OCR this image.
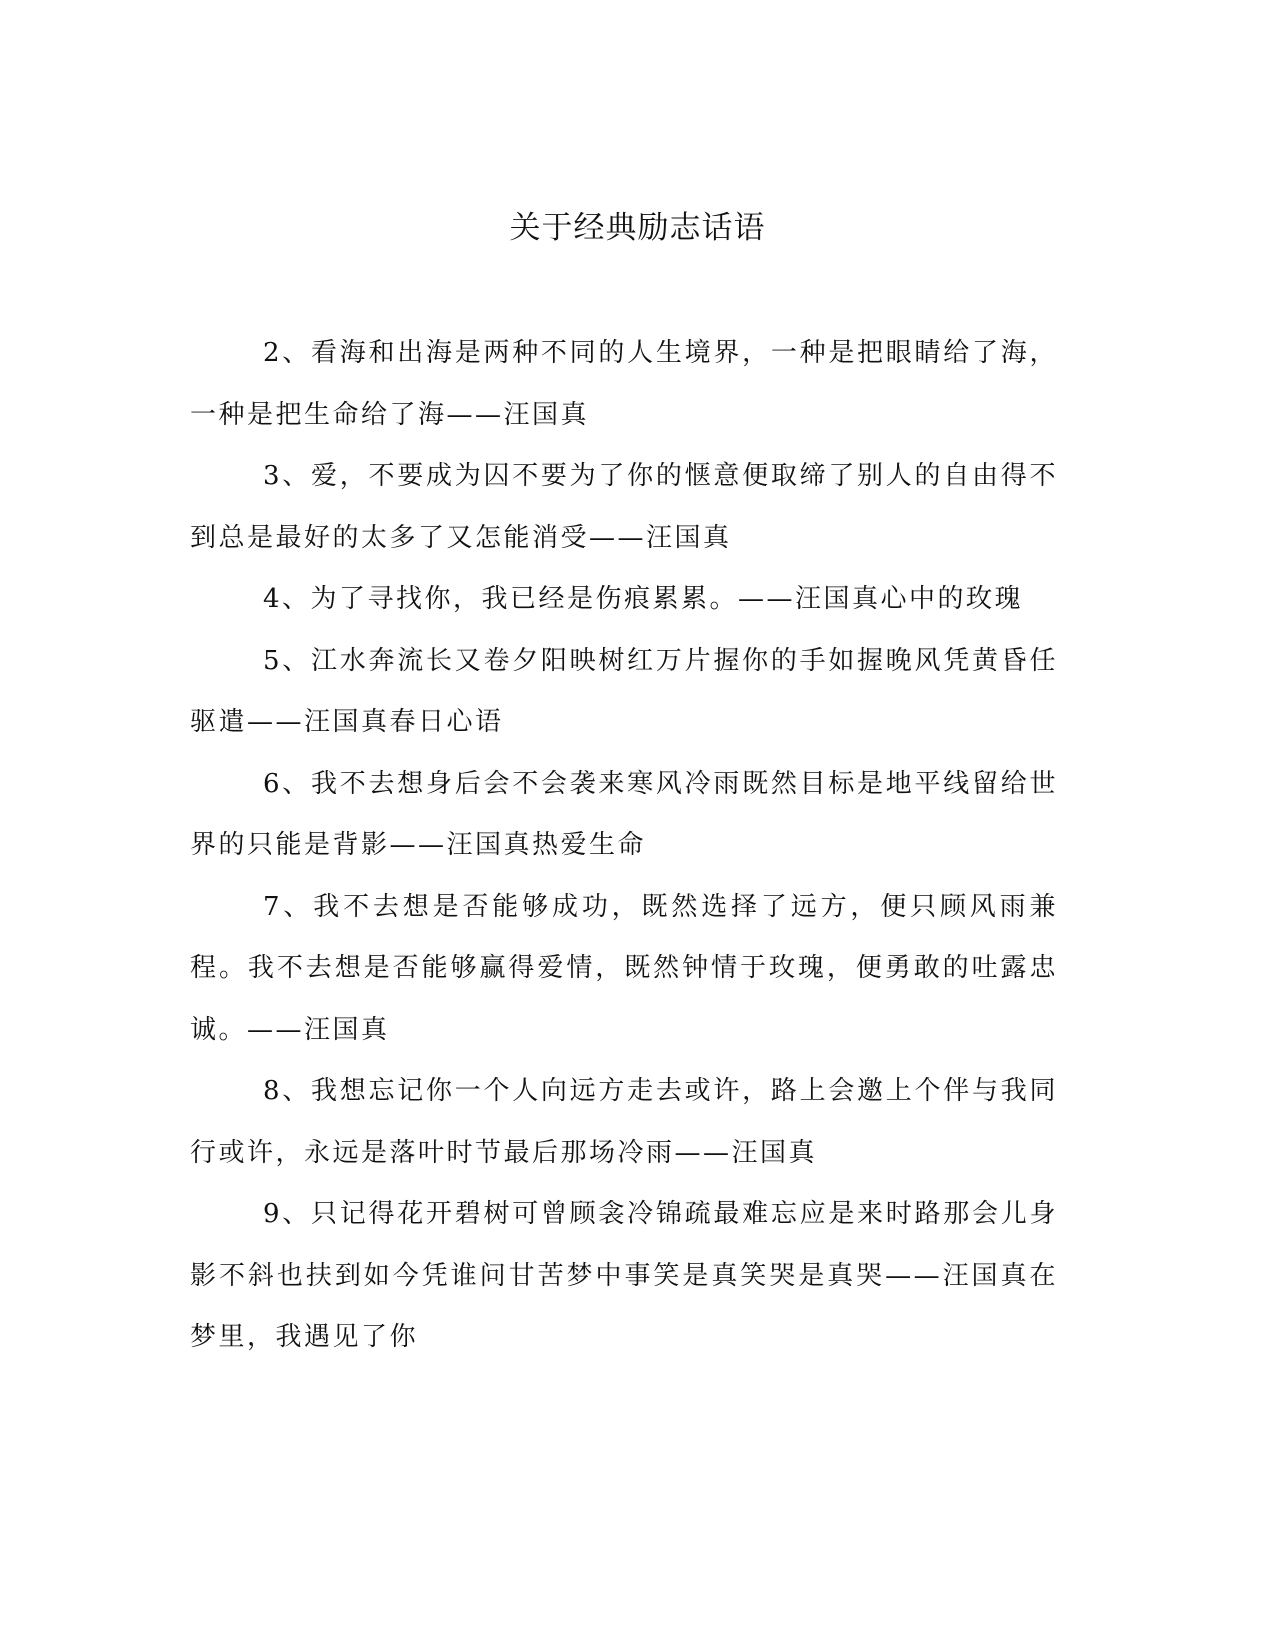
关于经典励志话语

2、看海和出海是两种不同的人生境界，一种是把眼睛给了海，一种是把生命给了海——汪国真

3、爱，不要成为囚不要为了你的惬意便取缔了别人的自由得不到总是最好的太多了又怎能消受——汪国真

4、为了寻找你，我已经是伤痕累累。——汪国真心中的玫瑰

5、江水奔流长又卷夕阳映树红万片握你的手如握晚风凭黄昏任驱遣——汪国真春日心语

6、我不去想身后会不会袭来寒风冷雨既然目标是地平线留给世界的只能是背影——汪国真热爱生命

7、我不去想是否能够成功，既然选择了远方，便只顾风雨兼程。我不去想是否能够赢得爱情，既然钟情于玫瑰，便勇敢的吐露忠诚。——汪国真

8、我想忘记你一个人向远方走去或许，路上会邀上个伴与我同行或许，永远是落叶时节最后那场冷雨——汪国真

9、只记得花开碧树可曾顾衾冷锦疏最难忘应是来时路那会儿身影不斜也扶到如今凭谁问甘苦梦中事笑是真笑哭是真哭——汪国真在梦里，我遇见了你
